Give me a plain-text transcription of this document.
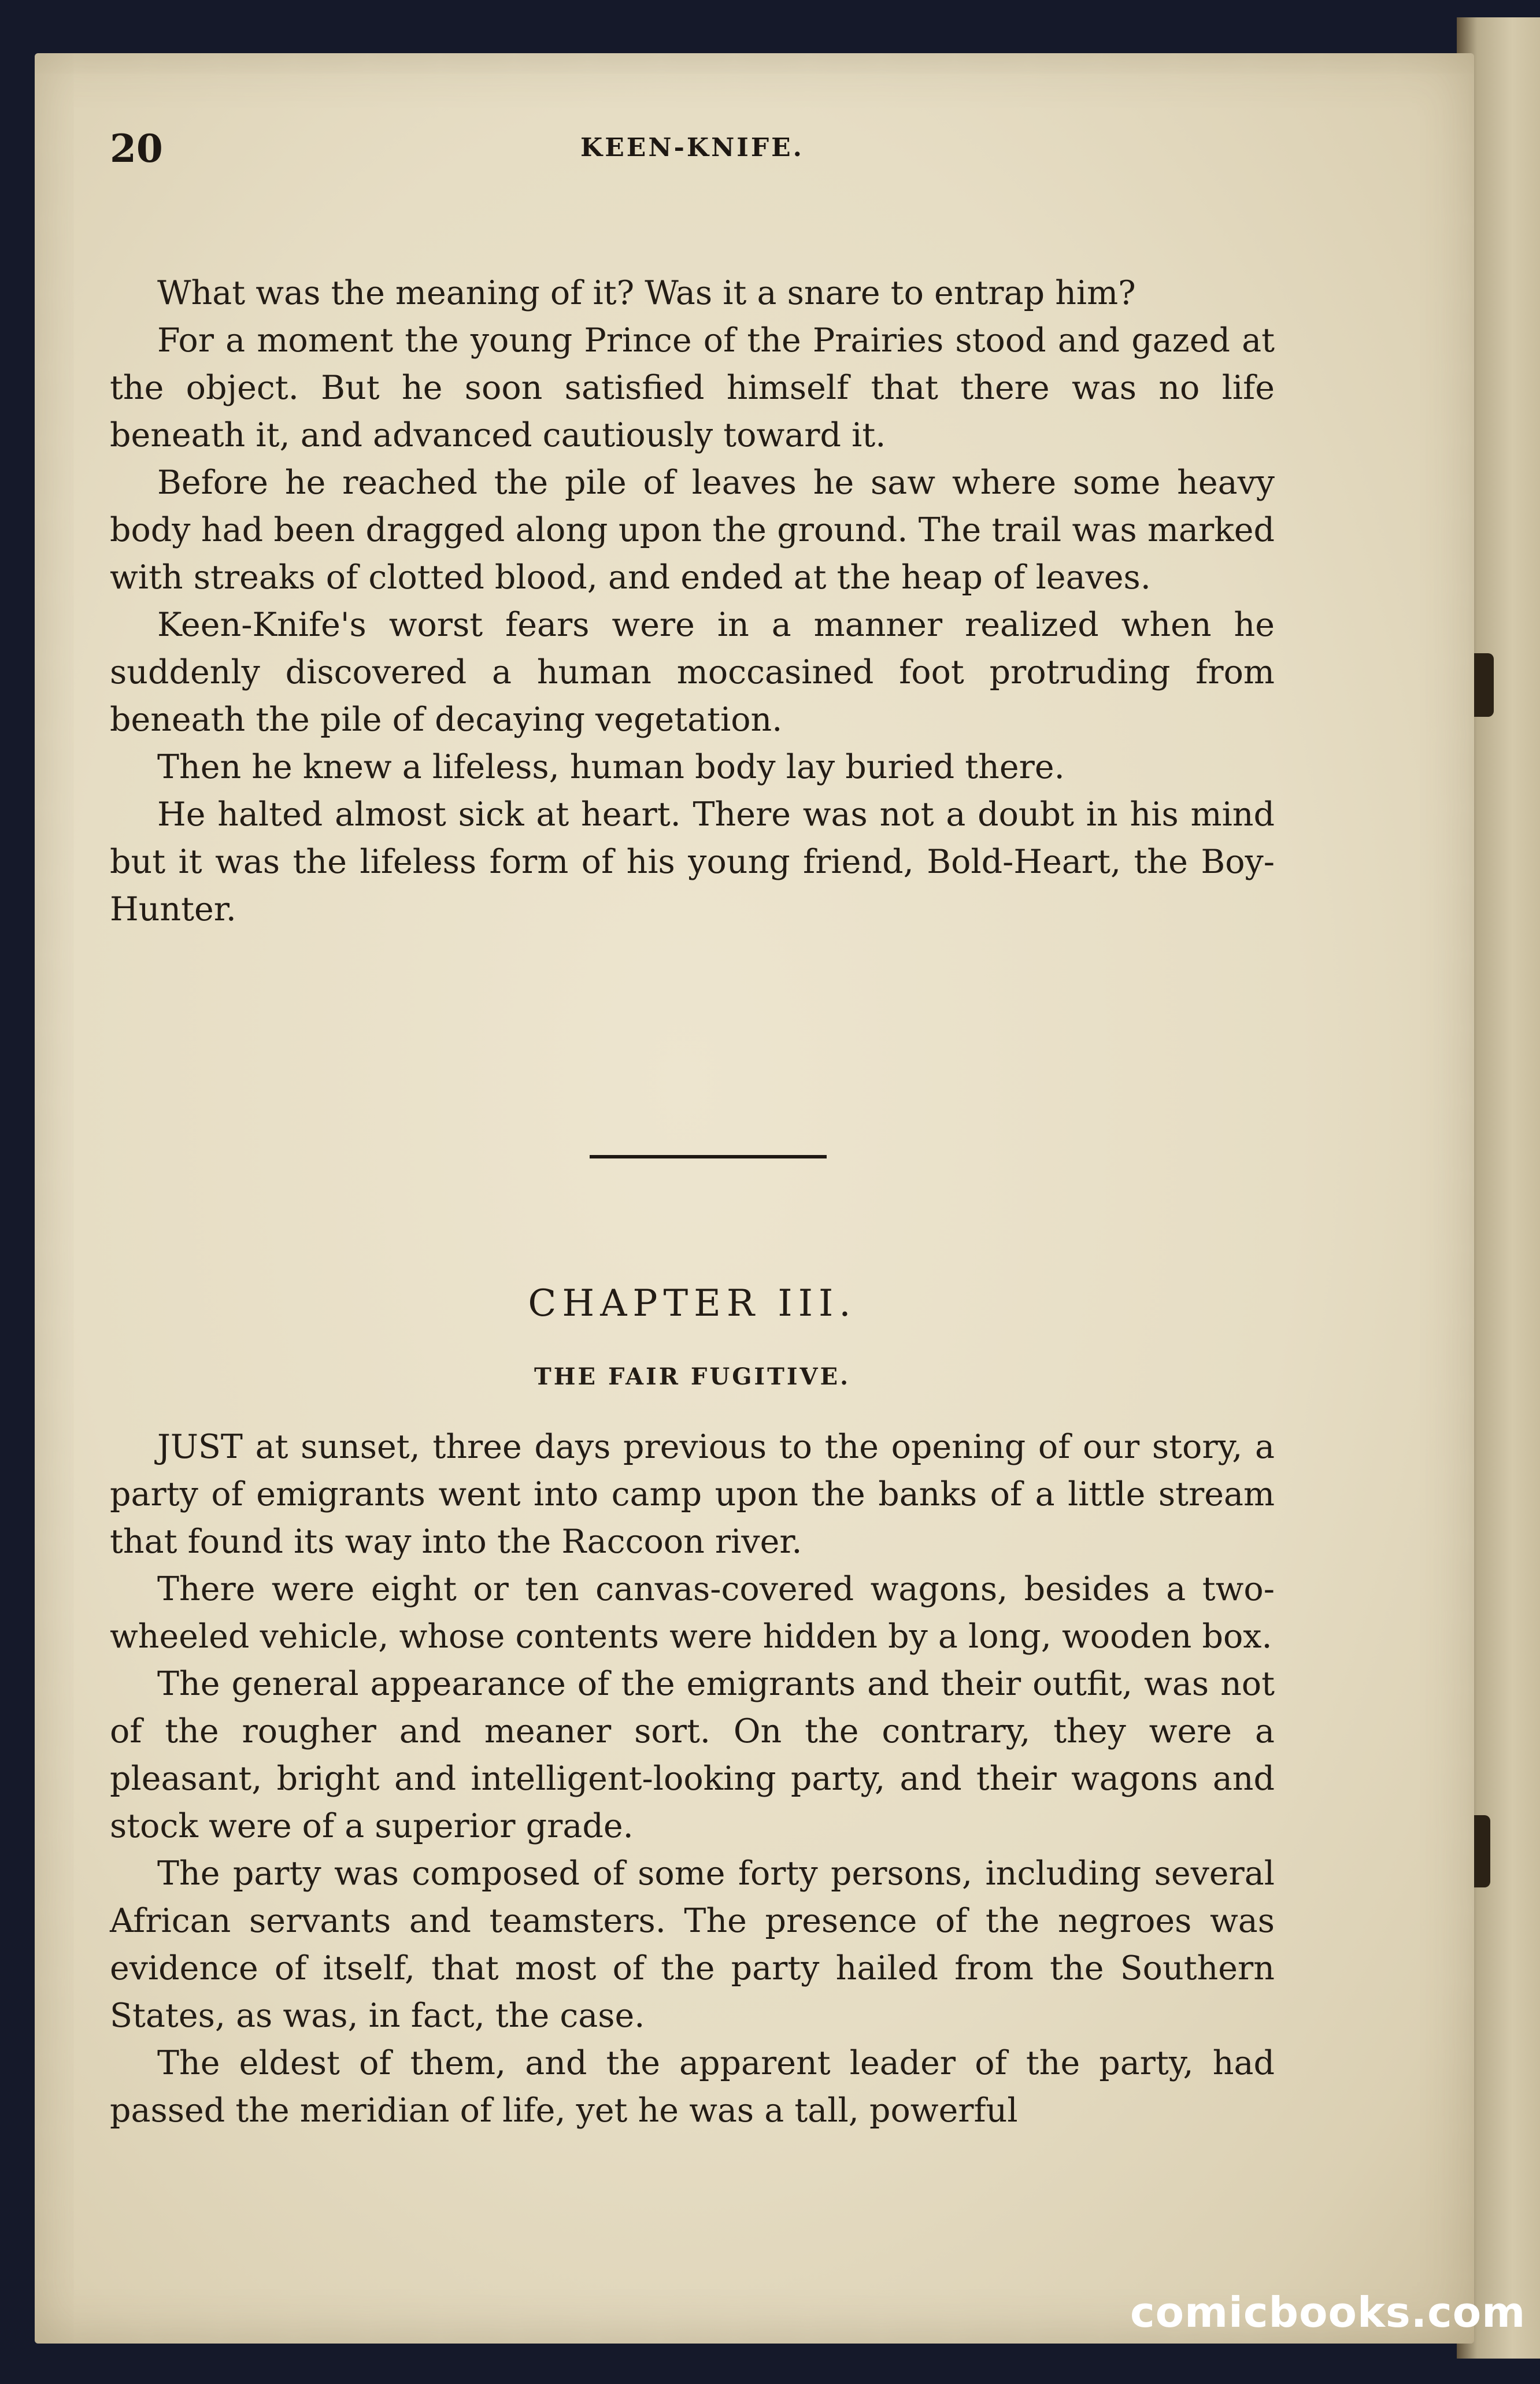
20	KEEN-KNIFE.

What was the meaning of it? Was it a snare to entrap him?

For a moment the young Prince of the Prairies stood and gazed at the object. But he soon satisfied himself that there was no life beneath it, and advanced cautiously toward it.

Before he reached the pile of leaves he saw where some heavy body had been dragged along upon the ground. The trail was marked with streaks of clotted blood, and ended at the heap of leaves.

Keen-Knife's worst fears were in a manner realized when he suddenly discovered a human moccasined foot protruding from beneath the pile of decaying vegetation.

Then he knew a lifeless, human body lay buried there.

He halted almost sick at heart. There was not a doubt in his mind but it was the lifeless form of his young friend, Bold-Heart, the Boy-Hunter.

CHAPTER III.
THE FAIR FUGITIVE.

JUST at sunset, three days previous to the opening of our story, a party of emigrants went into camp upon the banks of a little stream that found its way into the Raccoon river.

There were eight or ten canvas-covered wagons, besides a two-wheeled vehicle, whose contents were hidden by a long, wooden box.

The general appearance of the emigrants and their outfit, was not of the rougher and meaner sort. On the contrary, they were a pleasant, bright and intelligent-looking party, and their wagons and stock were of a superior grade.

The party was composed of some forty persons, including several African servants and teamsters. The presence of the negroes was evidence of itself, that most of the party hailed from the Southern States, as was, in fact, the case.

The eldest of them, and the apparent leader of the party, had passed the meridian of life, yet he was a tall, powerful

comicbooks.com
